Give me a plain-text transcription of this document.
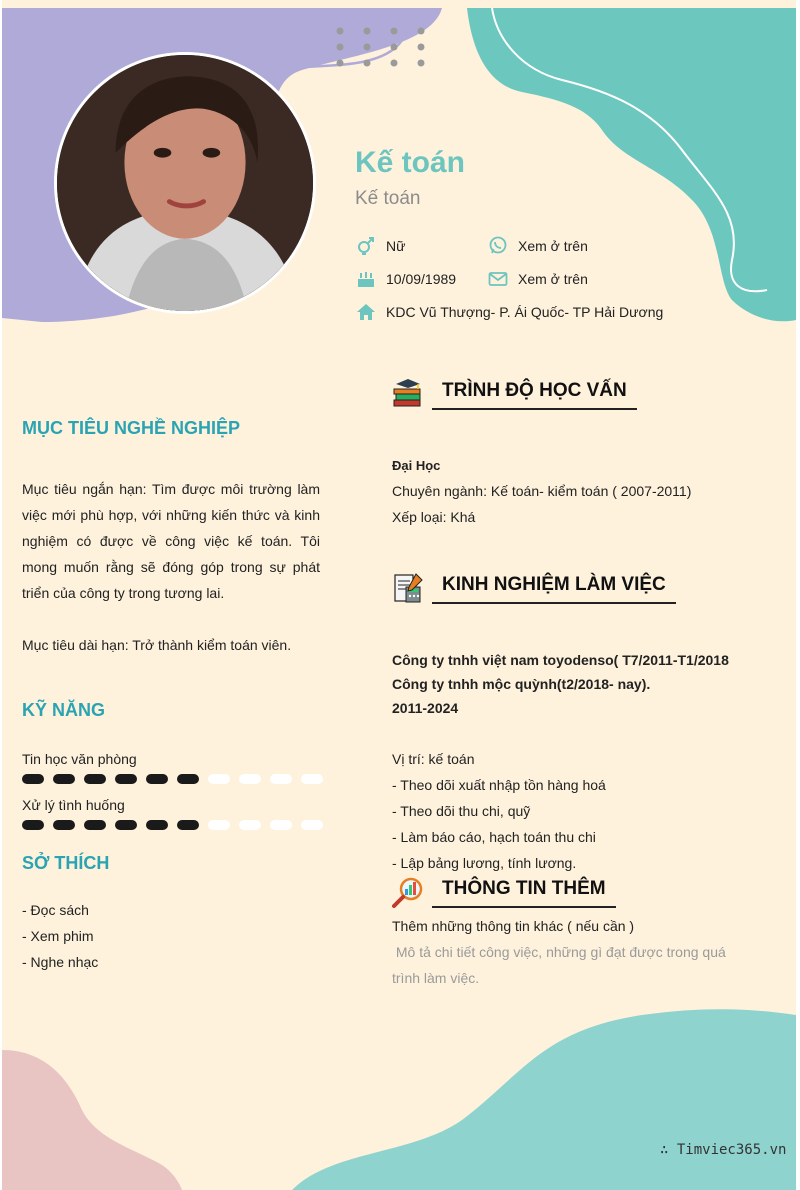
Kế toán
Kế toán
Nữ	Xem ở trên
10/09/1989	Xem ở trên
KDC Vũ Thượng- P. Ái Quốc- TP Hải Dương
MỤC TIÊU NGHỀ NGHIỆP
Mục tiêu ngắn hạn: Tìm được môi trường làm việc mới phù hợp, với những kiến thức và kinh nghiệm có được về công việc kế toán. Tôi mong muốn rằng sẽ đóng góp trong sự phát triển của công ty trong tương lai.
Mục tiêu dài hạn: Trở thành kiểm toán viên.
KỸ NĂNG
Tin học văn phòng
Xử lý tình huống
SỞ THÍCH
- Đọc sách
- Xem phim
- Nghe nhạc
TRÌNH ĐỘ HỌC VẤN
Đại Học
Chuyên ngành: Kế toán- kiểm toán ( 2007-2011)
Xếp loại: Khá
KINH NGHIỆM LÀM VIỆC
Công ty tnhh việt nam toyodenso( T7/2011-T1/2018
Công ty tnhh mộc quỳnh(t2/2018- nay).
2011-2024
Vị trí: kế toán
- Theo dõi xuất nhập tồn hàng hoá
- Theo dõi thu chi, quỹ
- Làm báo cáo, hạch toán thu chi
- Lập bảng lương, tính lương.
THÔNG TIN THÊM
Thêm những thông tin khác ( nếu cần )
Mô tả chi tiết công việc, những gì đạt được trong quá
trình làm việc.
∴ Timviec365.vn
